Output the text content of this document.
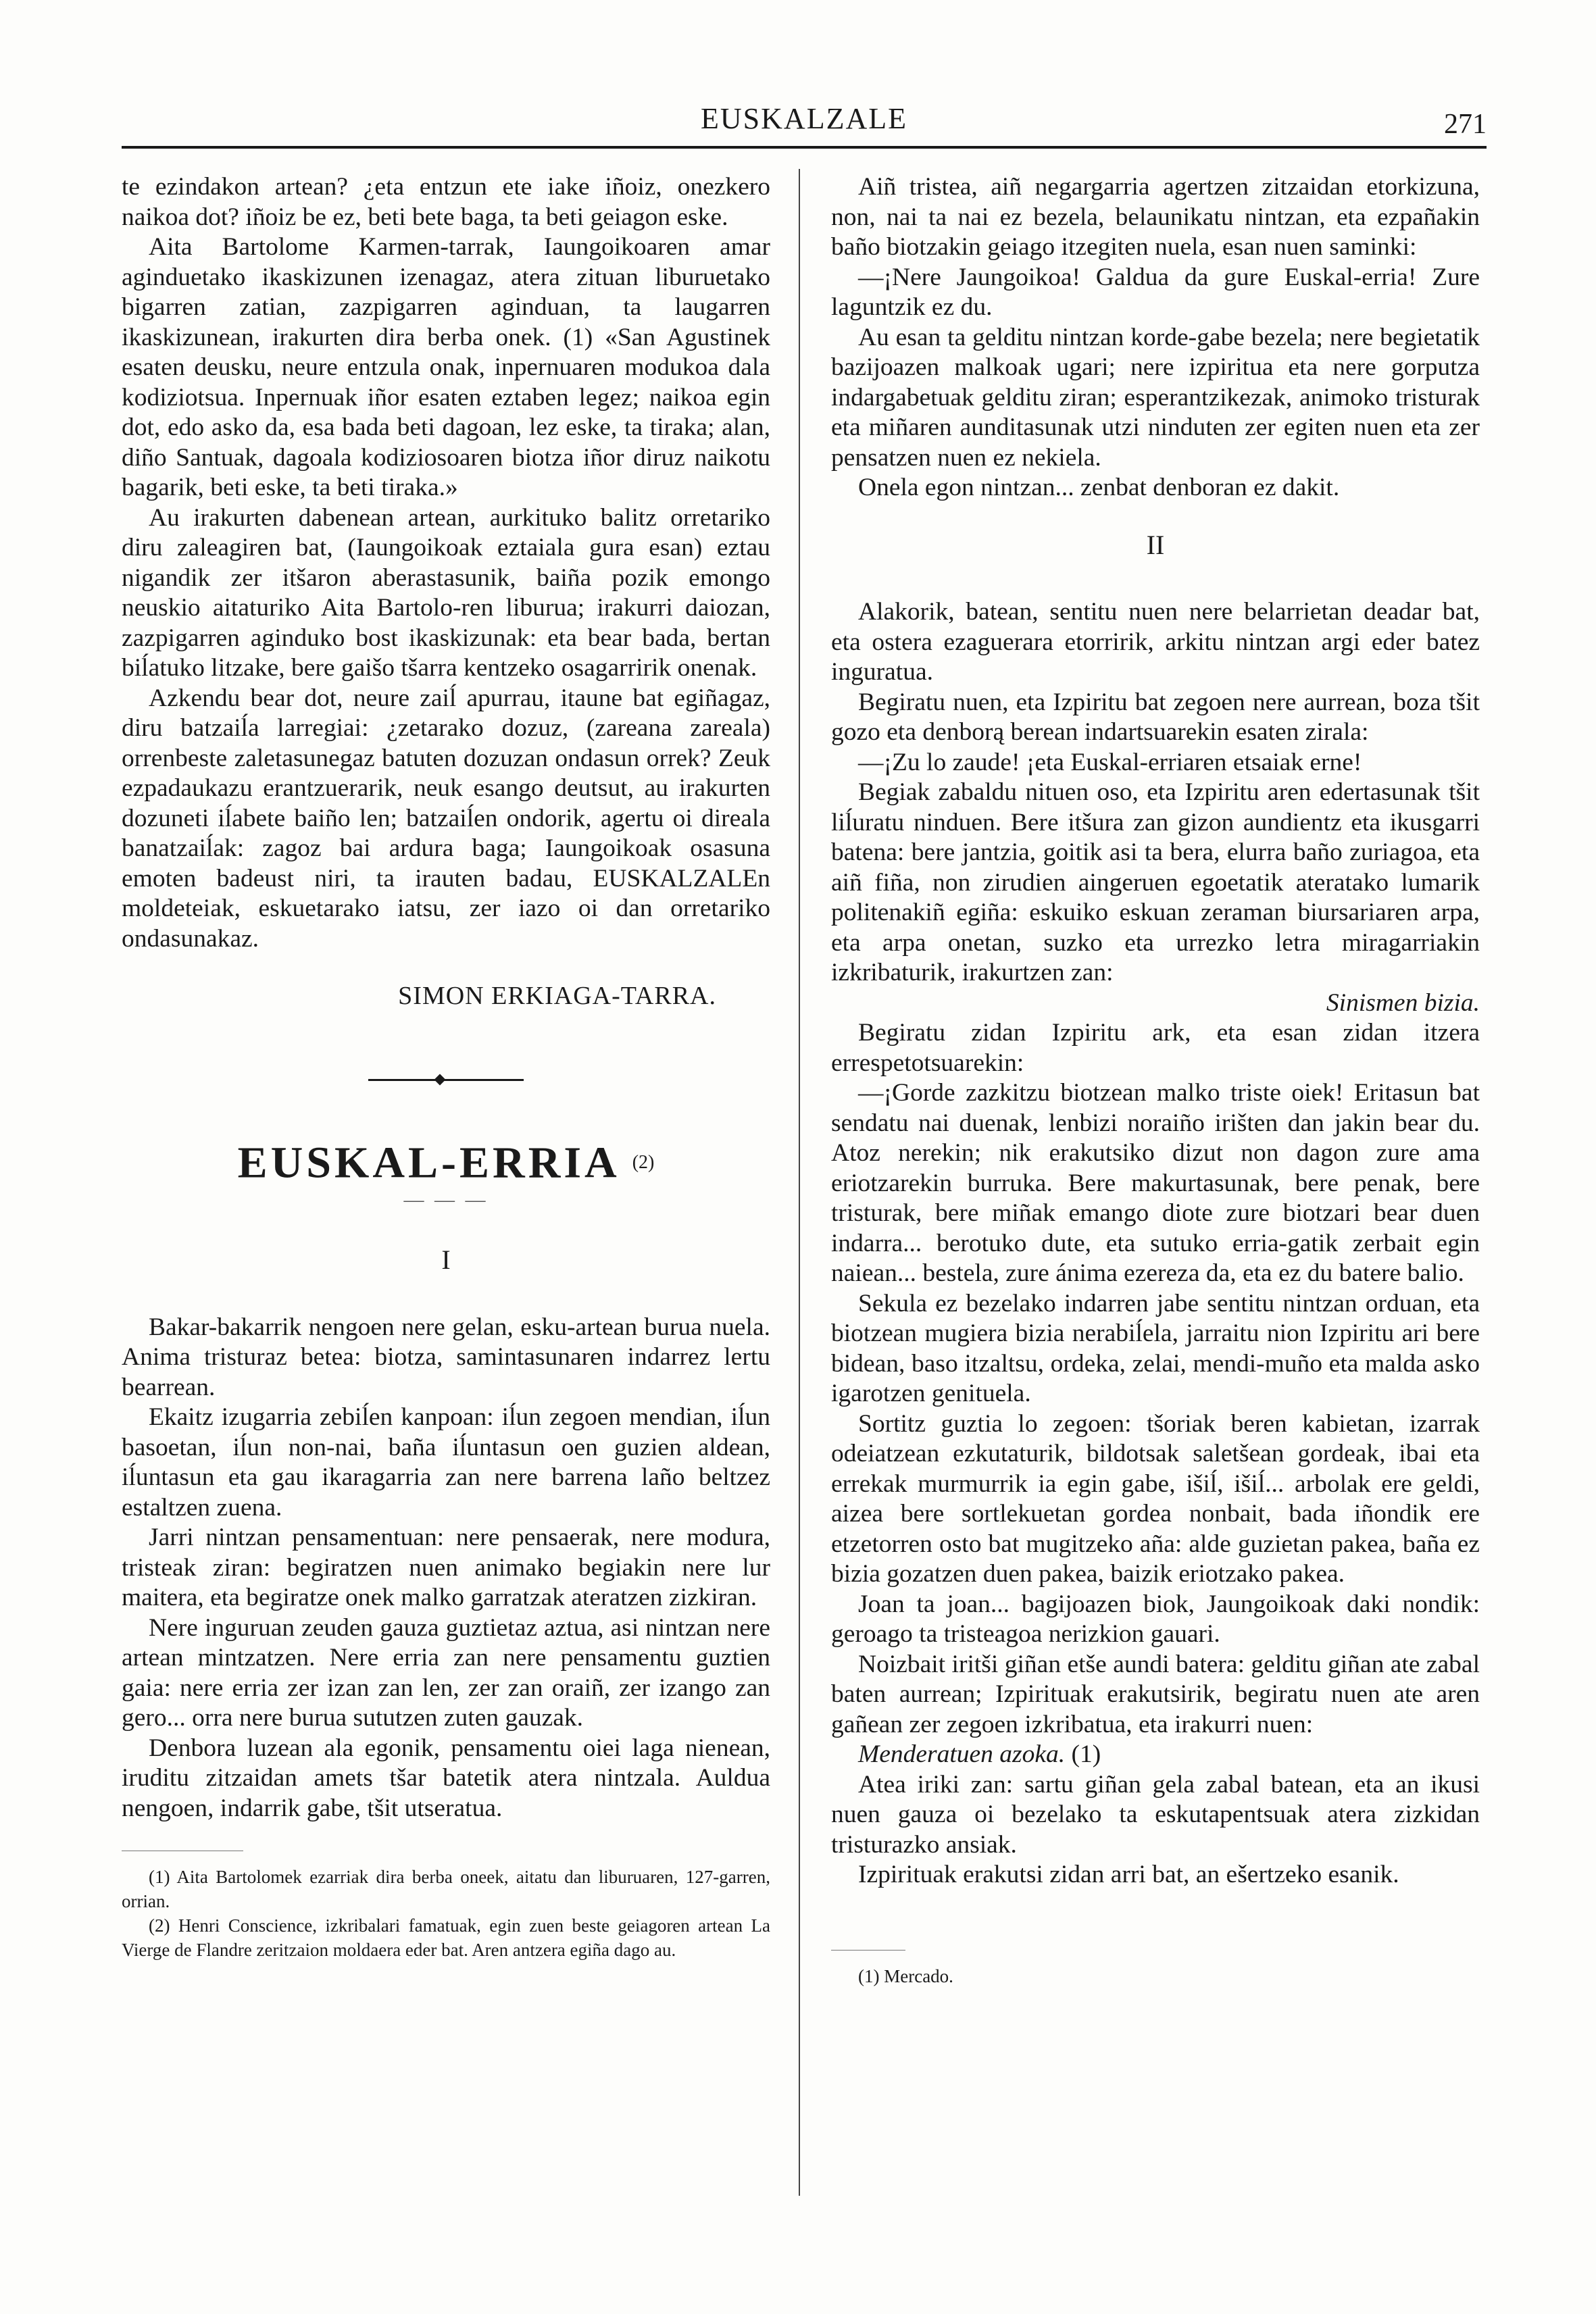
EUSKALZALE	271

te ezindakon artean? ¿eta entzun ete iake iñoiz, onezkero naikoa dot? iñoiz be ez, beti bete baga, ta beti geiagon eske.

Aita Bartolome Karmen-tarrak, Iaungoikoaren amar aginduetako ikaskizunen izenagaz, atera zituan liburuetako bigarren zatian, zazpigarren aginduan, ta laugarren ikaskizunean, irakurten dira berba onek. (1) «San Agustinek esaten deusku, neure entzula onak, inpernuaren modukoa dala kodiziotsua. Inpernuak iñor esaten eztaben legez; naikoa egin dot, edo asko da, esa bada beti dagoan, lez eske, ta tiraka; alan, diño Santuak, dagoala kodiziosoaren biotza iñor diruz naikotu bagarik, beti eske, ta beti tiraka.»

Au irakurten dabenean artean, aurkituko balitz orretariko diru zaleagiren bat, (Iaungoikoak eztaiala gura esan) eztau nigandik zer itšaron aberastasunik, baiña pozik emongo neuskio aitaturiko Aita Bartolo-ren liburua; irakurri daiozan, zazpigarren aginduko bost ikaskizunak: eta bear bada, bertan biĺatuko litzake, bere gaišo tšarra kentzeko osagarririk onenak.

Azkendu bear dot, neure zaiĺ apurrau, itaune bat egiñagaz, diru batzaiĺa larregiai: ¿zetarako dozuz, (zareana zareala) orrenbeste zaletasunegaz batuten dozuzan ondasun orrek? Zeuk ezpadaukazu erantzuerarik, neuk esango deutsut, au irakurten dozuneti iĺabete baiño len; batzaiĺen ondorik, agertu oi direala banatzaiĺak: zagoz bai ardura baga; Iaungoikoak osasuna emoten badeust niri, ta irauten badau, EUSKALZALEn moldeteiak, eskuetarako iatsu, zer iazo oi dan orretariko ondasunakaz.

SIMON ERKIAGA-TARRA.
EUSKAL-ERRIA $^{(2)}$
— — —
I

Bakar-bakarrik nengoen nere gelan, esku-artean burua nuela. Anima tristuraz betea: biotza, samintasunaren indarrez lertu bearrean.

Ekaitz izugarria zebiĺen kanpoan: iĺun zegoen mendian, iĺun basoetan, iĺun non-nai, baña iĺuntasun oen guzien aldean, iĺuntasun eta gau ikaragarria zan nere barrena laño beltzez estaltzen zuena.

Jarri nintzan pensamentuan: nere pensaerak, nere modura, tristeak ziran: begiratzen nuen animako begiakin nere lur maitera, eta begiratze onek malko garratzak ateratzen zizkiran.

Nere inguruan zeuden gauza guztietaz aztua, asi nintzan nere artean mintzatzen. Nere erria zan nere pensamentu guztien gaia: nere erria zer izan zan len, zer zan oraiñ, zer izango zan gero... orra nere burua sututzen zuten gauzak.

Denbora luzean ala egonik, pensamentu oiei laga nienean, iruditu zitzaidan amets tšar batetik atera nintzala. Auldua nengoen, indarrik gabe, tšit utseratua.

(1) Aita Bartolomek ezarriak dira berba oneek, aitatu dan liburuaren, 127-garren, orrian.

(2) Henri Conscience, izkribalari famatuak, egin zuen beste geiagoren artean La Vierge de Flandre zeritzaion moldaera eder bat. Aren antzera egiña dago au.

Aiñ tristea, aiñ negargarria agertzen zitzaidan etorkizuna, non, nai ta nai ez bezela, belaunikatu nintzan, eta ezpañakin baño biotzakin geiago itzegiten nuela, esan nuen saminki:

—¡Nere Jaungoikoa! Galdua da gure Euskal-erria! Zure laguntzik ez du.

Au esan ta gelditu nintzan korde-gabe bezela; nere begietatik bazijoazen malkoak ugari; nere izpiritua eta nere gorputza indargabetuak gelditu ziran; esperantzikezak, animoko tristurak eta miñaren aunditasunak utzi ninduten zer egiten nuen eta zer pensatzen nuen ez nekiela.

Onela egon nintzan... zenbat denboran ez dakit.

II

Alakorik, batean, sentitu nuen nere belarrietan deadar bat, eta ostera ezaguerara etorririk, arkitu nintzan argi eder batez inguratua.

Begiratu nuen, eta Izpiritu bat zegoen nere aurrean, boza tšit gozo eta denborą berean indartsuarekin esaten zirala:

—¡Zu lo zaude! ¡eta Euskal-erriaren etsaiak erne!

Begiak zabaldu nituen oso, eta Izpiritu aren edertasunak tšit liĺuratu ninduen. Bere itšura zan gizon aundientz eta ikusgarri batena: bere jantzia, goitik asi ta bera, elurra baño zuriagoa, eta aiñ fiña, non zirudien aingeruen egoetatik ateratako lumarik politenakiñ egiña: eskuiko eskuan zeraman biursariaren arpa, eta arpa onetan, suzko eta urrezko letra miragarriakin izkribaturik, irakurtzen zan:

Sinismen bizia.

Begiratu zidan Izpiritu ark, eta esan zidan itzera errespetotsuarekin:

—¡Gorde zazkitzu biotzean malko triste oiek! Eritasun bat sendatu nai duenak, lenbizi noraiño irišten dan jakin bear du. Atoz nerekin; nik erakutsiko dizut non dagon zure ama eriotzarekin burruka. Bere makurtasunak, bere penak, bere tristurak, bere miñak emango diote zure biotzari bear duen indarra... berotuko dute, eta sutuko erria-gatik zerbait egin naiean... bestela, zure ánima ezereza da, eta ez du batere balio.

Sekula ez bezelako indarren jabe sentitu nintzan orduan, eta biotzean mugiera bizia nerabiĺela, jarraitu nion Izpiritu ari bere bidean, baso itzaltsu, ordeka, zelai, mendi-muño eta malda asko igarotzen genituela.

Sortitz guztia lo zegoen: tšoriak beren kabietan, izarrak odeiatzean ezkutaturik, bildotsak saletšean gordeak, ibai eta errekak murmurrik ia egin gabe, išiĺ, išiĺ... arbolak ere geldi, aizea bere sortlekuetan gordea nonbait, bada iñondik ere etzetorren osto bat mugitzeko aña: alde guzietan pakea, baña ez bizia gozatzen duen pakea, baizik eriotzako pakea.

Joan ta joan... bagijoazen biok, Jaungoikoak daki nondik: geroago ta tristeagoa nerizkion gauari.

Noizbait iritši giñan etše aundi batera: gelditu giñan ate zabal baten aurrean; Izpirituak erakutsirik, begiratu nuen ate aren gañean zer zegoen izkribatua, eta irakurri nuen:

Menderatuen azoka. (1)

Atea iriki zan: sartu giñan gela zabal batean, eta an ikusi nuen gauza oi bezelako ta eskutapentsuak atera zizkidan tristurazko ansiak.

Izpirituak erakutsi zidan arri bat, an ešertzeko esanik.

(1) Mercado.
